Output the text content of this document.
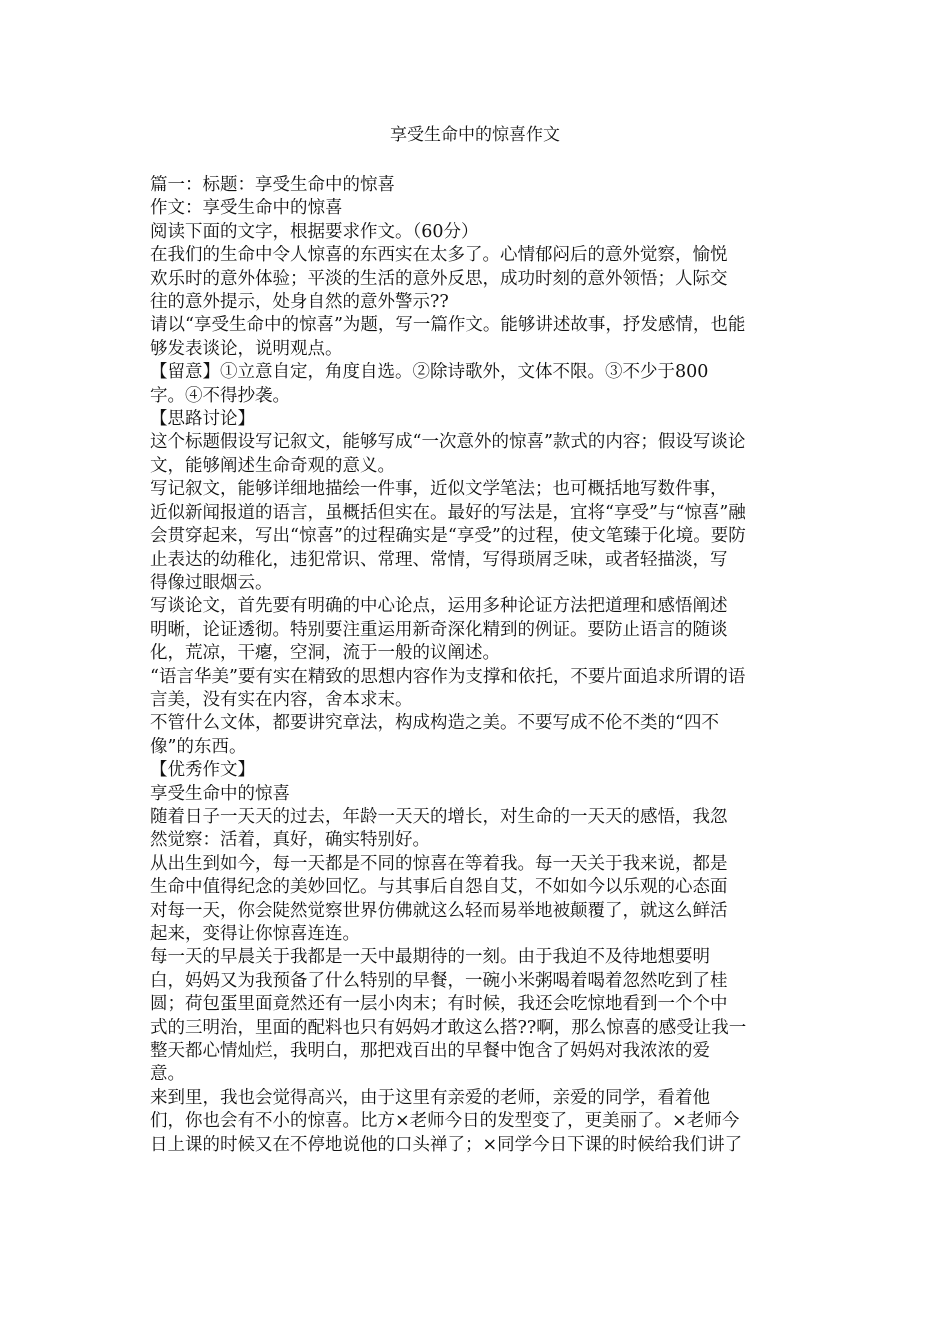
享受生命中的惊喜作文

篇一：标题：享受生命中的惊喜

作文：享受生命中的惊喜

阅读下面的文字，根据要求作文。（60分）

在我们的生命中令人惊喜的东西实在太多了。心情郁闷后的意外觉察，愉悦

欢乐时的意外体验；平淡的生活的意外反思，成功时刻的意外领悟；人际交

往的意外提示，处身自然的意外警示??

请以“享受生命中的惊喜”为题，写一篇作文。能够讲述故事，抒发感情，也能

够发表谈论，说明观点。

【留意】①立意自定，角度自选。②除诗歌外，文体不限。③不少于800

字。④不得抄袭。

【思路讨论】

这个标题假设写记叙文，能够写成“一次意外的惊喜”款式的内容；假设写谈论

文，能够阐述生命奇观的意义。

写记叙文，能够详细地描绘一件事，近似文学笔法；也可概括地写数件事，

近似新闻报道的语言，虽概括但实在。最好的写法是，宜将“享受”与“惊喜”融

会贯穿起来，写出“惊喜”的过程确实是“享受”的过程，使文笔臻于化境。要防

止表达的幼稚化，违犯常识、常理、常情，写得琐屑乏味，或者轻描淡，写

得像过眼烟云。

写谈论文，首先要有明确的中心论点，运用多种论证方法把道理和感悟阐述

明晰，论证透彻。特别要注重运用新奇深化精到的例证。要防止语言的随谈

化，荒凉，干瘪，空洞，流于一般的议阐述。

“语言华美”要有实在精致的思想内容作为支撑和依托，不要片面追求所谓的语

言美，没有实在内容，舍本求末。

不管什么文体，都要讲究章法，构成构造之美。不要写成不伦不类的“四不

像”的东西。

【优秀作文】

享受生命中的惊喜

随着日子一天天的过去，年龄一天天的增长，对生命的一天天的感悟，我忽

然觉察：活着，真好，确实特别好。

从出生到如今，每一天都是不同的惊喜在等着我。每一天关于我来说，都是

生命中值得纪念的美妙回忆。与其事后自怨自艾，不如如今以乐观的心态面

对每一天，你会陡然觉察世界仿佛就这么轻而易举地被颠覆了，就这么鲜活

起来，变得让你惊喜连连。

每一天的早晨关于我都是一天中最期待的一刻。由于我迫不及待地想要明

白，妈妈又为我预备了什么特别的早餐，一碗小米粥喝着喝着忽然吃到了桂

圆；荷包蛋里面竟然还有一层小肉末；有时候，我还会吃惊地看到一个个中

式的三明治，里面的配料也只有妈妈才敢这么搭??啊，那么惊喜的感受让我一

整天都心情灿烂，我明白，那把戏百出的早餐中饱含了妈妈对我浓浓的爱

意。

来到里，我也会觉得高兴，由于这里有亲爱的老师，亲爱的同学，看着他

们，你也会有不小的惊喜。比方×老师今日的发型变了，更美丽了。×老师今

日上课的时候又在不停地说他的口头禅了；×同学今日下课的时候给我们讲了
